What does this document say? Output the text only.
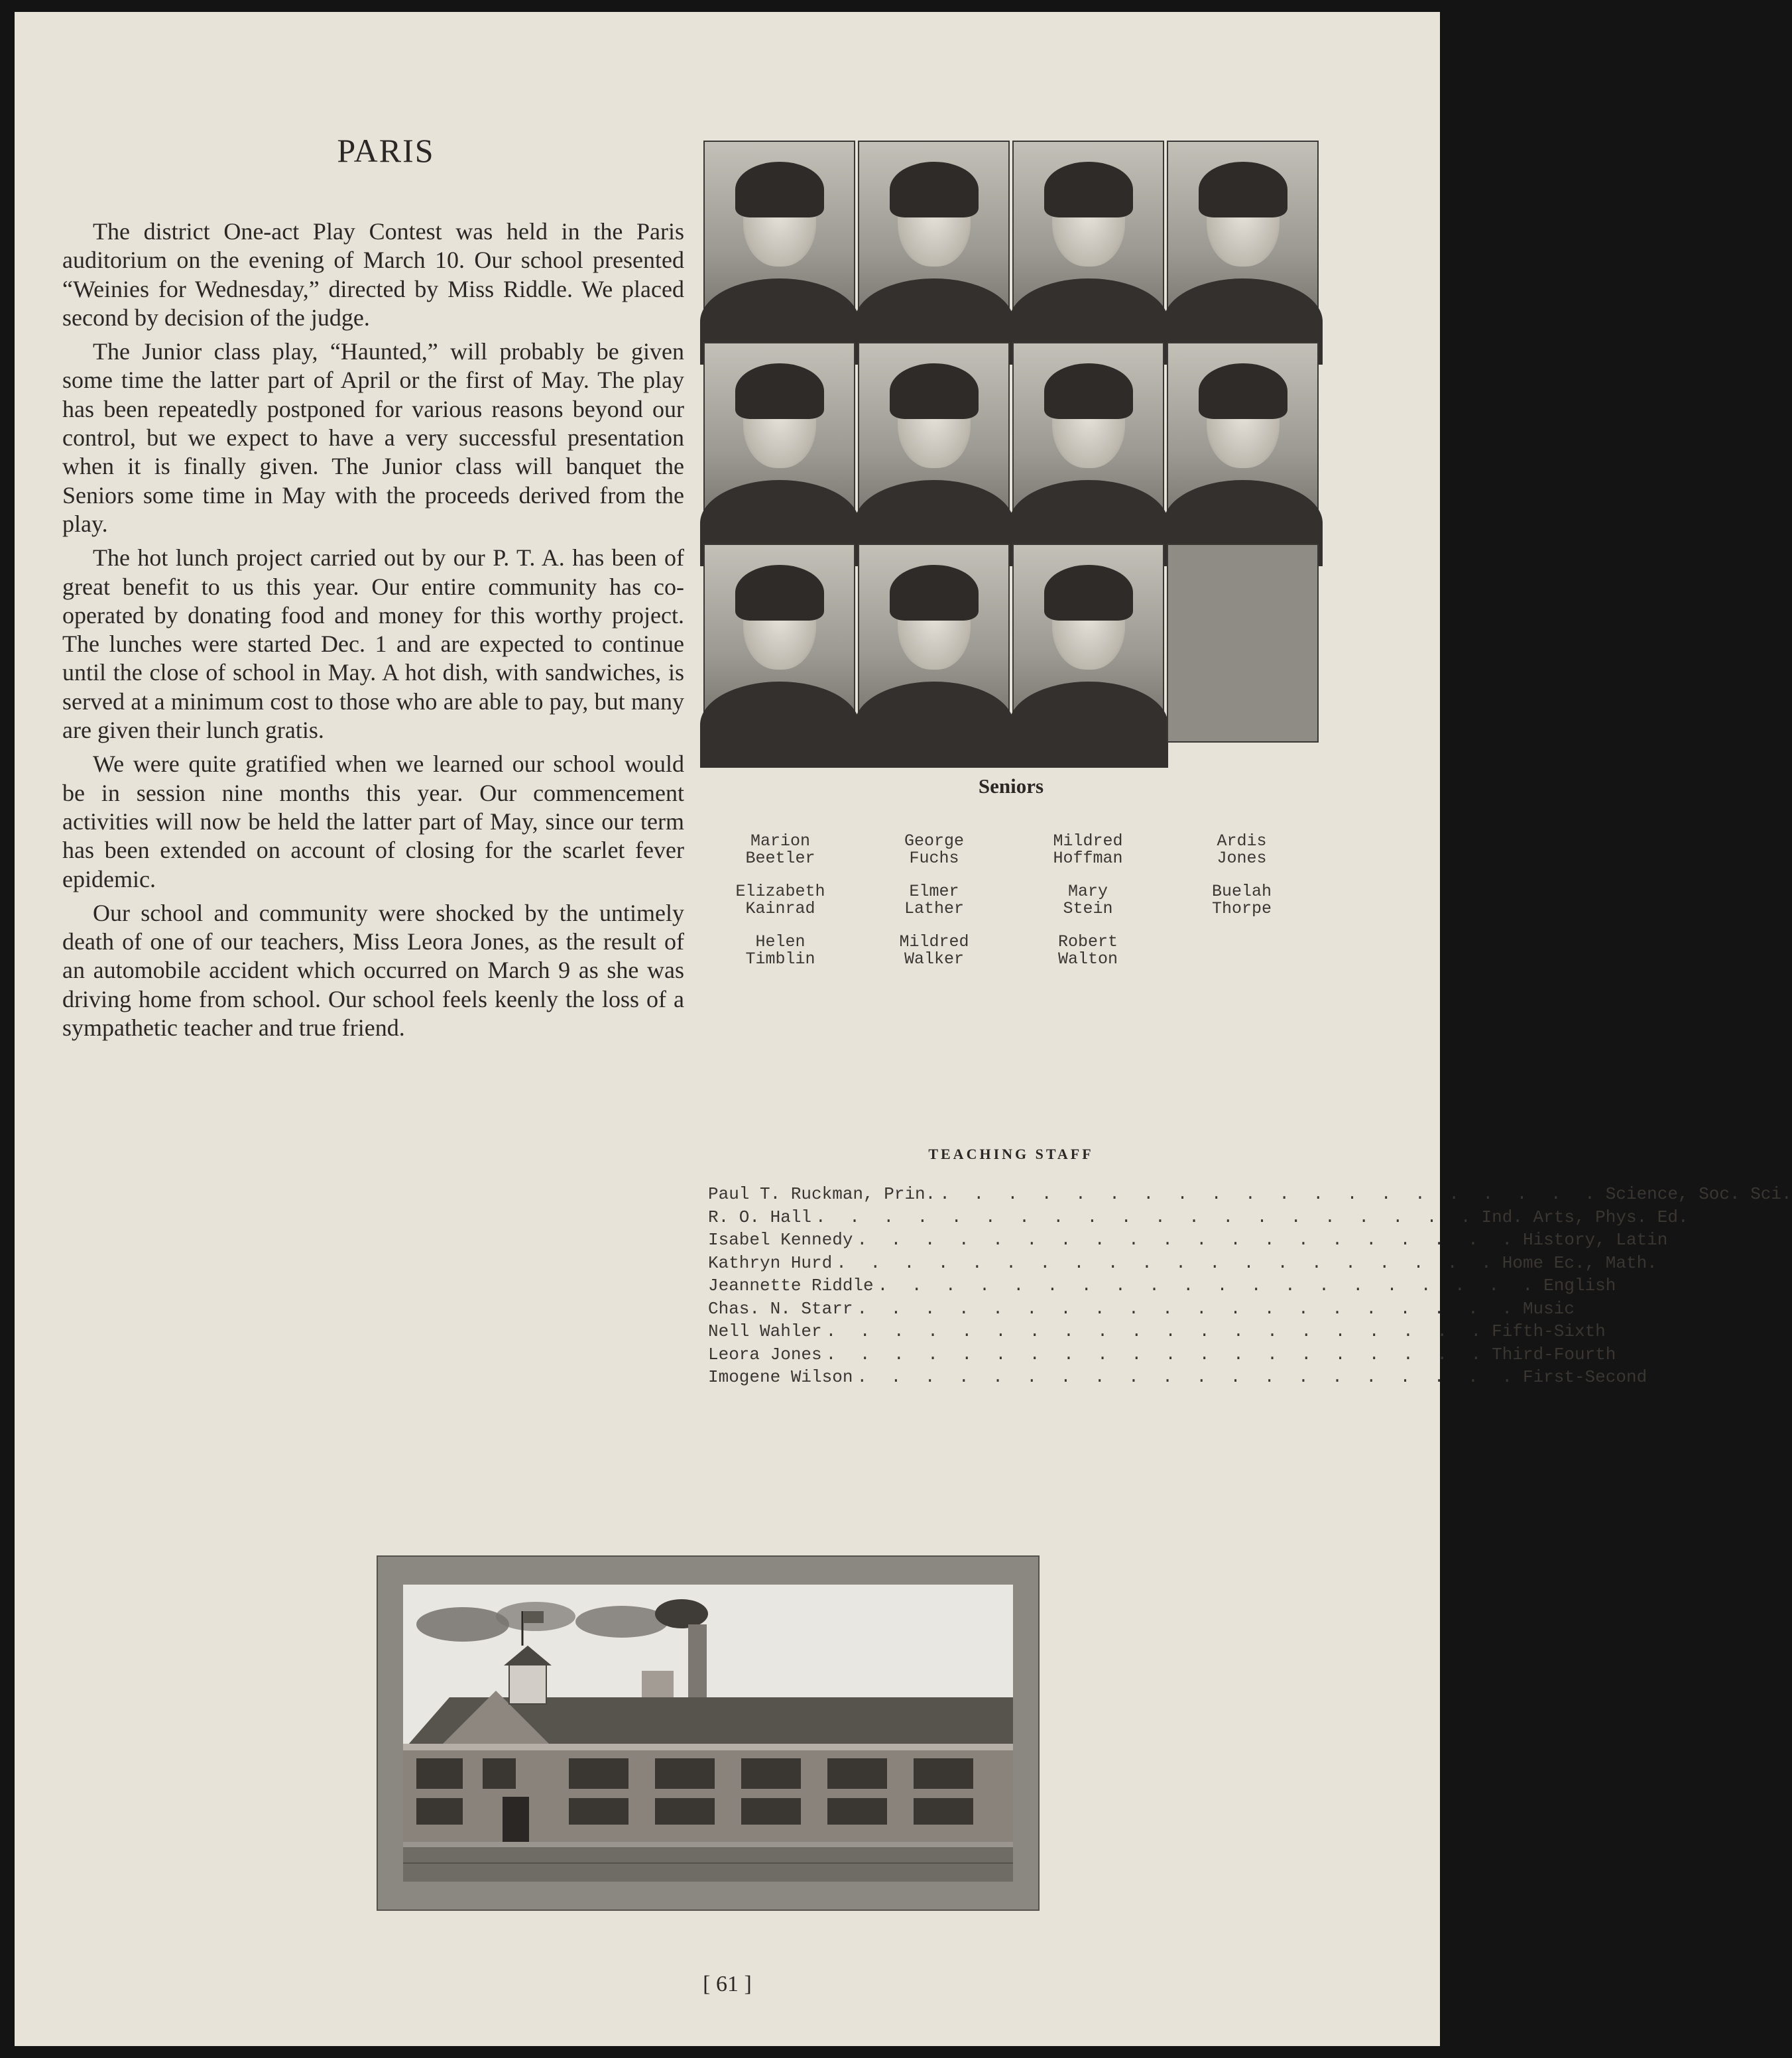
PARIS

The district One-act Play Contest was held in the Paris auditorium on the evening of March 10. Our school presented “Weinies for Wednesday,” directed by Miss Riddle. We placed second by decision of the judge.

The Junior class play, “Haunted,” will probably be given some time the latter part of April or the first of May. The play has been repeatedly postponed for various reasons beyond our control, but we expect to have a very successful presentation when it is finally given. The Junior class will banquet the Seniors some time in May with the proceeds derived from the play.

The hot lunch project carried out by our P. T. A. has been of great benefit to us this year. Our entire community has co-operated by donating food and money for this worthy project. The lunches were started Dec. 1 and are expected to continue until the close of school in May. A hot dish, with sandwiches, is served at a minimum cost to those who are able to pay, but many are given their lunch gratis.

We were quite gratified when we learned our school would be in session nine months this year. Our commencement activities will now be held the latter part of May, since our term has been extended on account of closing for the scarlet fever epidemic.

Our school and community were shocked by the untimely death of one of our teachers, Miss Leora Jones, as the result of an automobile accident which occurred on March 9 as she was driving home from school. Our school feels keenly the loss of a sympathetic teacher and true friend.

Seniors
Marion
Beetler
George
Fuchs
Mildred
Hoffman
Ardis
Jones
Elizabeth
Kainrad
Elmer
Lather
Mary
Stein
Buelah
Thorpe
Helen
Timblin
Mildred
Walker
Robert
Walton
TEACHING STAFF
Paul T. Ruckman, Prin. . . . . . . . . . . . . . . . . . . . . Science, Soc. Sci.
R. O. Hall . . . . . . . . . . . . . . . . . . . . Ind. Arts, Phys. Ed.
Isabel Kennedy . . . . . . . . . . . . . . . . . . . . History, Latin
Kathryn Hurd . . . . . . . . . . . . . . . . . . . . Home Ec., Math.
Jeannette Riddle . . . . . . . . . . . . . . . . . . . . English
Chas. N. Starr . . . . . . . . . . . . . . . . . . . . Music
Nell Wahler . . . . . . . . . . . . . . . . . . . . Fifth-Sixth
Leora Jones . . . . . . . . . . . . . . . . . . . . Third-Fourth
Imogene Wilson . . . . . . . . . . . . . . . . . . . . First-Second
[ 61 ]
